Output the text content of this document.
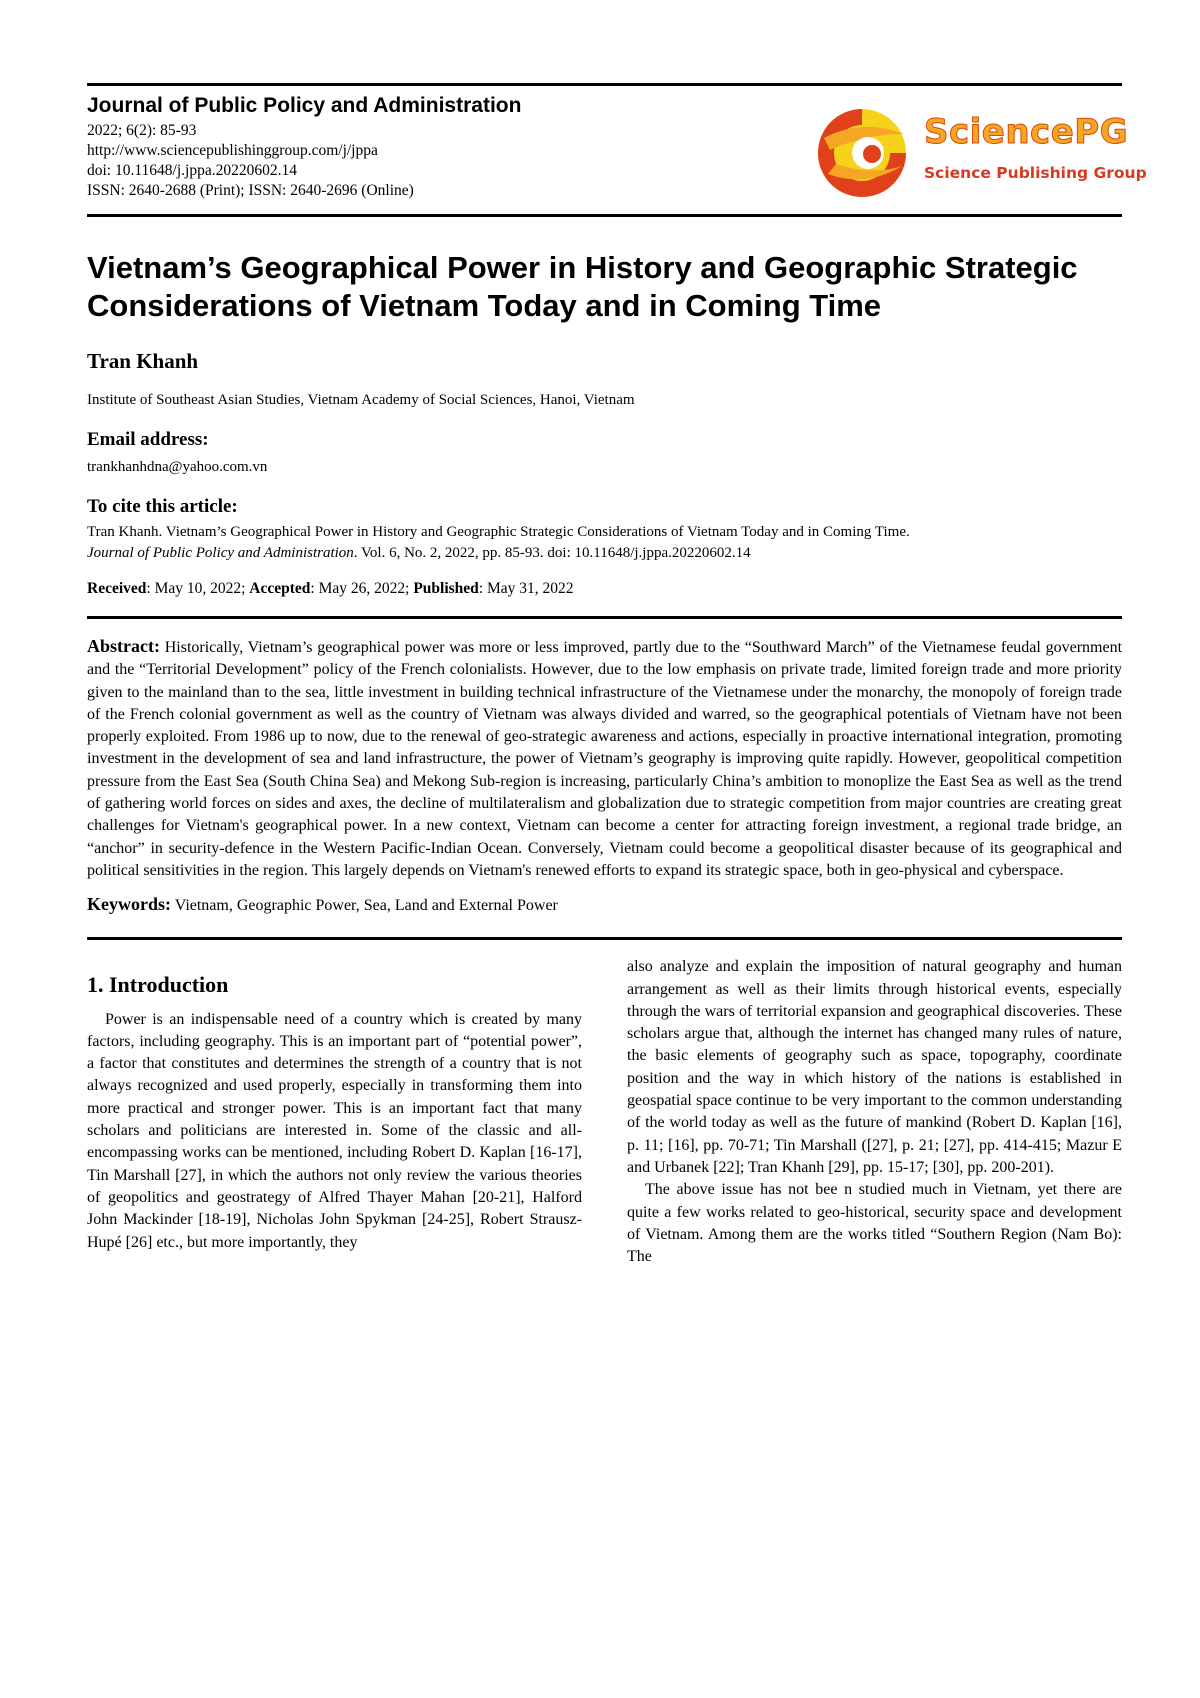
Journal of Public Policy and Administration
2022; 6(2): 85-93
http://www.sciencepublishinggroup.com/j/jppa
doi: 10.11648/j.jppa.20220602.14
ISSN: 2640-2688 (Print); ISSN: 2640-2696 (Online)
SciencePG
Science Publishing Group
Vietnam’s Geographical Power in History and Geographic Strategic Considerations of Vietnam Today and in Coming Time
Tran Khanh
Institute of Southeast Asian Studies, Vietnam Academy of Social Sciences, Hanoi, Vietnam
Email address:
trankhanhdna@yahoo.com.vn
To cite this article:
Tran Khanh. Vietnam’s Geographical Power in History and Geographic Strategic Considerations of Vietnam Today and in Coming Time.
Journal of Public Policy and Administration. Vol. 6, No. 2, 2022, pp. 85-93. doi: 10.11648/j.jppa.20220602.14
Received: May 10, 2022; Accepted: May 26, 2022; Published: May 31, 2022
Abstract: Historically, Vietnam’s geographical power was more or less improved, partly due to the “Southward March” of the Vietnamese feudal government and the “Territorial Development” policy of the French colonialists. However, due to the low emphasis on private trade, limited foreign trade and more priority given to the mainland than to the sea, little investment in building technical infrastructure of the Vietnamese under the monarchy, the monopoly of foreign trade of the French colonial government as well as the country of Vietnam was always divided and warred, so the geographical potentials of Vietnam have not been properly exploited. From 1986 up to now, due to the renewal of geo-strategic awareness and actions, especially in proactive international integration, promoting investment in the development of sea and land infrastructure, the power of Vietnam’s geography is improving quite rapidly. However, geopolitical competition pressure from the East Sea (South China Sea) and Mekong Sub-region is increasing, particularly China’s ambition to monoplize the East Sea as well as the trend of gathering world forces on sides and axes, the decline of multilateralism and globalization due to strategic competition from major countries are creating great challenges for Vietnam's geographical power. In a new context, Vietnam can become a center for attracting foreign investment, a regional trade bridge, an “anchor” in security-defence in the Western Pacific-Indian Ocean. Conversely, Vietnam could become a geopolitical disaster because of its geographical and political sensitivities in the region. This largely depends on Vietnam's renewed efforts to expand its strategic space, both in geo-physical and cyberspace.
Keywords: Vietnam, Geographic Power, Sea, Land and External Power
1. Introduction

Power is an indispensable need of a country which is created by many factors, including geography. This is an important part of “potential power”, a factor that constitutes and determines the strength of a country that is not always recognized and used properly, especially in transforming them into more practical and stronger power. This is an important fact that many scholars and politicians are interested in. Some of the classic and all-encompassing works can be mentioned, including Robert D. Kaplan [16-17], Tin Marshall [27], in which the authors not only review the various theories of geopolitics and geostrategy of Alfred Thayer Mahan [20-21], Halford John Mackinder [18-19], Nicholas John Spykman [24-25], Robert Strausz-Hupé [26] etc., but more importantly, they

also analyze and explain the imposition of natural geography and human arrangement as well as their limits through historical events, especially through the wars of territorial expansion and geographical discoveries. These scholars argue that, although the internet has changed many rules of nature, the basic elements of geography such as space, topography, coordinate position and the way in which history of the nations is established in geospatial space continue to be very important to the common understanding of the world today as well as the future of mankind (Robert D. Kaplan [16], p. 11; [16], pp. 70-71; Tin Marshall ([27], p. 21; [27], pp. 414-415; Mazur E and Urbanek [22]; Tran Khanh [29], pp. 15-17; [30], pp. 200-201).

The above issue has not bee n studied much in Vietnam, yet there are quite a few works related to geo-historical, security space and development of Vietnam. Among them are the works titled “Southern Region (Nam Bo): The
